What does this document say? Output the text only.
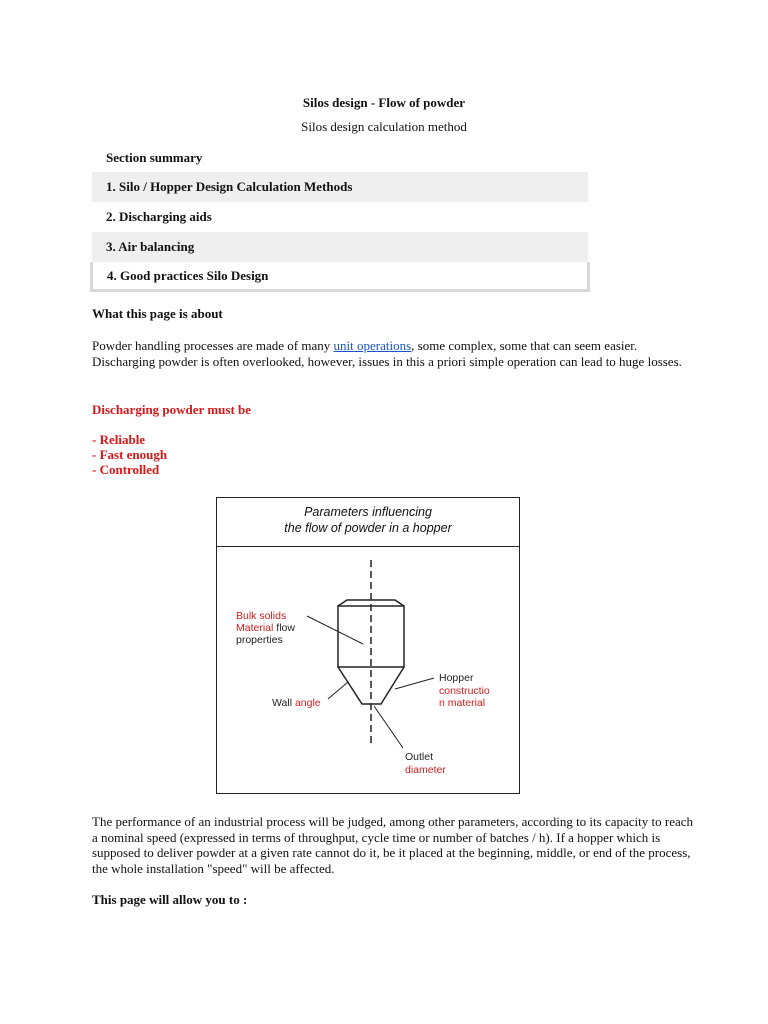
Silos design - Flow of powder
Silos design calculation method
Section summary
1. Silo / Hopper Design Calculation Methods
2. Discharging aids
3. Air balancing
4. Good practices Silo Design
What this page is about
Powder handling processes are made of many unit operations, some complex, some that can seem easier. Discharging powder is often overlooked, however, issues in this a priori simple operation can lead to huge losses.
Discharging powder must be
- Reliable
- Fast enough
- Controlled
Parameters influencing
the flow of powder in a hopper
Bulk solids
Material flow
properties
Wall angle
Hopper
constructio
n material
Outlet
diameter
The performance of an industrial process will be judged, among other parameters, according to its capacity to reach a nominal speed (expressed in terms of throughput, cycle time or number of batches / h). If a hopper which is supposed to deliver powder at a given rate cannot do it, be it placed at the beginning, middle, or end of the process, the whole installation "speed" will be affected.
This page will allow you to :
